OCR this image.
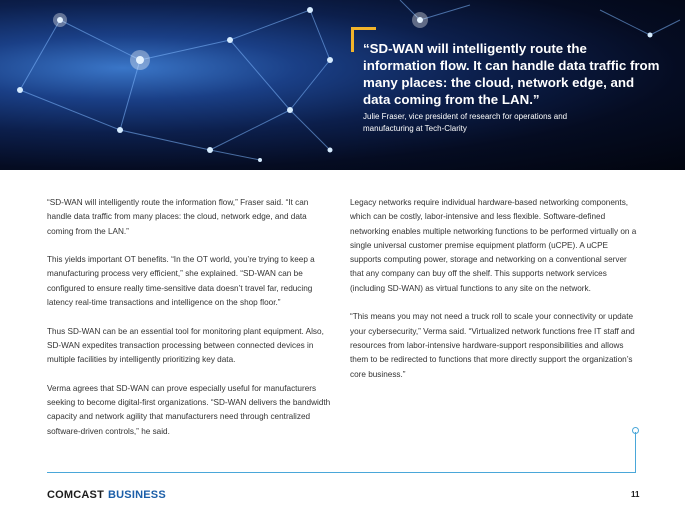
“SD-WAN will intelligently route the information flow. It can handle data traffic from many places: the cloud, network edge, and data coming from the LAN.”
Julie Fraser, vice president of research for operations and manufacturing at Tech-Clarity

“SD-WAN will intelligently route the information flow,” Fraser said. “It can handle data traffic from many places: the cloud, network edge, and data coming from the LAN.”

This yields important OT benefits. “In the OT world, you’re trying to keep a manufacturing process very efficient,” she explained. “SD-WAN can be configured to ensure really time-sensitive data doesn’t travel far, reducing latency real-time transactions and intelligence on the shop floor.”

Thus SD-WAN can be an essential tool for monitoring plant equipment. Also, SD-WAN expedites transaction processing between connected devices in multiple facilities by intelligently prioritizing key data.

Verma agrees that SD-WAN can prove especially useful for manufacturers seeking to become digital-first organizations. “SD-WAN delivers the bandwidth capacity and network agility that manufacturers need through centralized software-driven controls,” he said.

Legacy networks require individual hardware-based networking components, which can be costly, labor-intensive and less flexible. Software-defined networking enables multiple networking functions to be performed virtually on a single universal customer premise equipment platform (uCPE). A uCPE supports computing power, storage and networking on a conventional server that any company can buy off the shelf. This supports network services (including SD-WAN) as virtual functions to any site on the network.

“This means you may not need a truck roll to scale your connectivity or update your cybersecurity,” Verma said. “Virtualized network functions free IT staff and resources from labor-intensive hardware-support responsibilities and allows them to be redirected to functions that more directly support the organization’s core business.”

COMCAST BUSINESS	11
